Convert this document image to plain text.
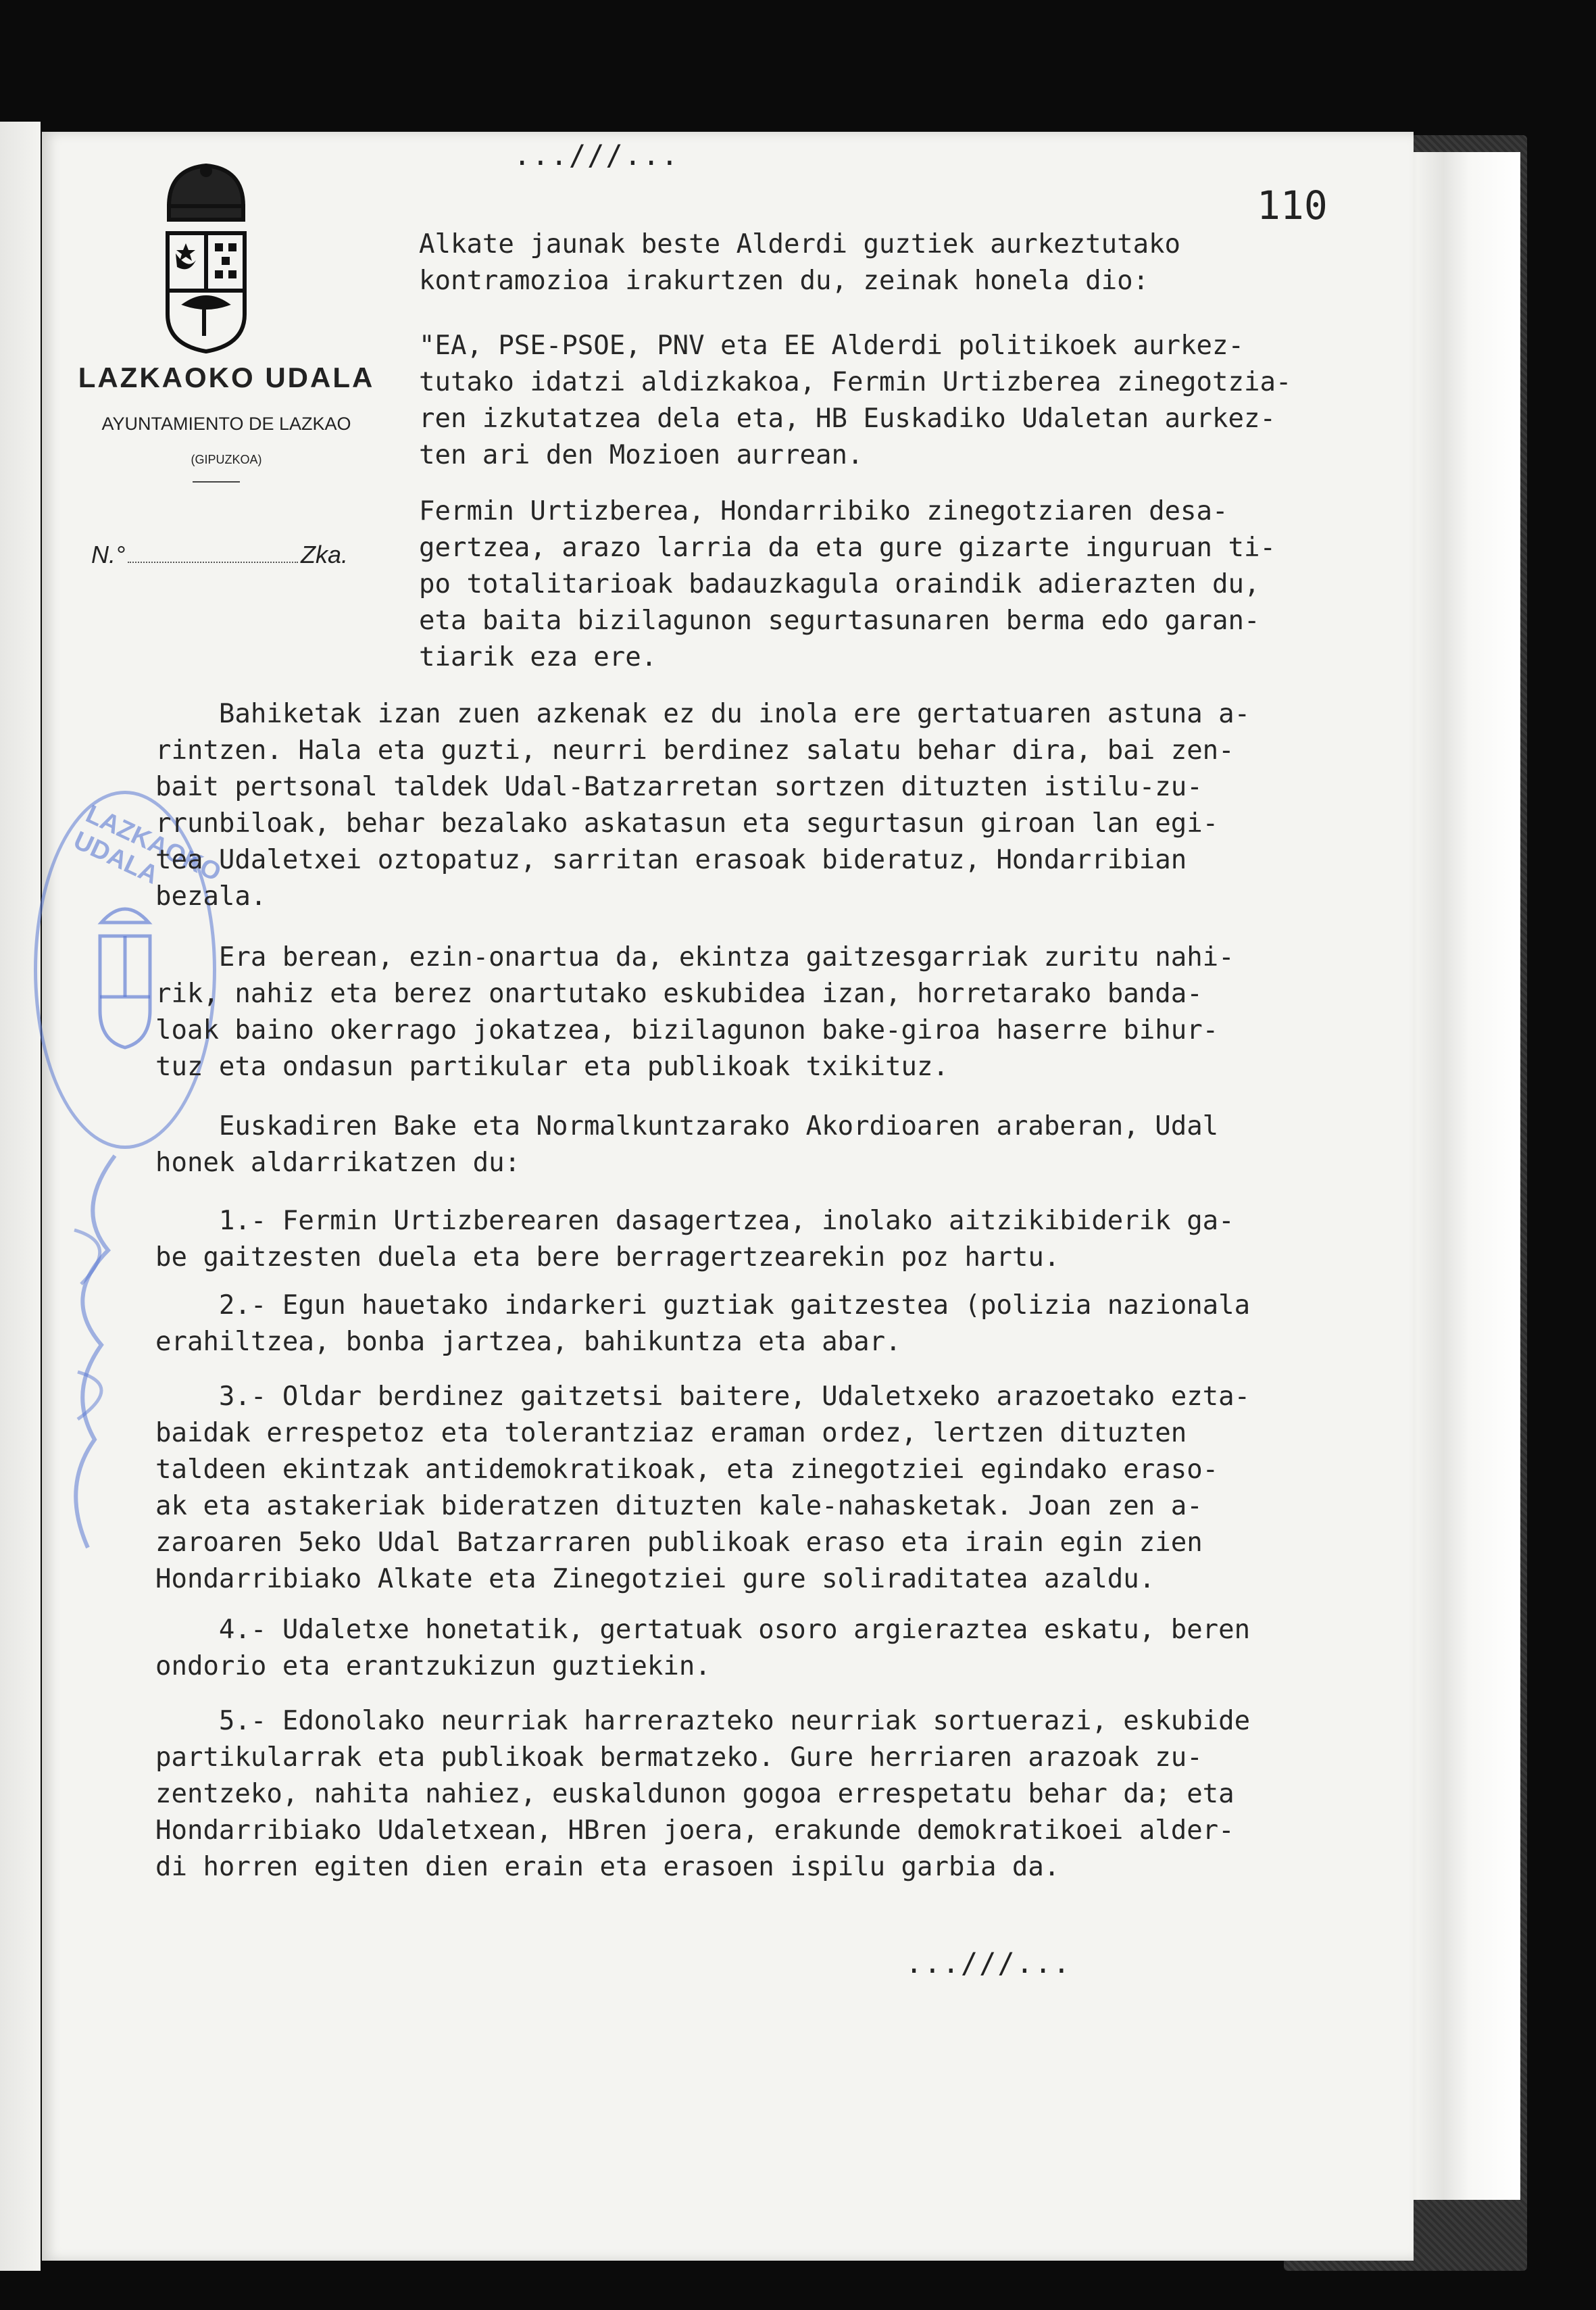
LAZKAOKO UDALA
AYUNTAMIENTO DE LAZKAO
(GIPUZKOA)
N.°	Zka.
LAZKAOKO UDALA
110
...///...
Alkate jaunak beste Alderdi guztiek aurkeztutako
kontramozioa irakurtzen du, zeinak honela dio:
"EA, PSE-PSOE, PNV eta EE Alderdi politikoek aurkez-
tutako idatzi aldizkakoa, Fermin Urtizberea zinegotzia-
ren izkutatzea dela eta, HB Euskadiko Udaletan aurkez-
ten ari den Mozioen aurrean.
Fermin Urtizberea, Hondarribiko zinegotziaren desa-
gertzea, arazo larria da eta gure gizarte inguruan ti-
po totalitarioak badauzkagula oraindik adierazten du,
eta baita bizilagunon segurtasunaren berma edo garan-
tiarik eza ere.
Bahiketak izan zuen azkenak ez du inola ere gertatuaren astuna a-
rintzen. Hala eta guzti, neurri berdinez salatu behar dira, bai zen-
bait pertsonal taldek Udal-Batzarretan sortzen dituzten istilu-zu-
rrunbiloak, behar bezalako askatasun eta segurtasun giroan lan egi-
tea Udaletxei oztopatuz, sarritan erasoak bideratuz, Hondarribian
bezala.
Era berean, ezin-onartua da, ekintza gaitzesgarriak zuritu nahi-
rik, nahiz eta berez onartutako eskubidea izan, horretarako banda-
loak baino okerrago jokatzea, bizilagunon bake-giroa haserre bihur-
tuz eta ondasun partikular eta publikoak txikituz.
Euskadiren Bake eta Normalkuntzarako Akordioaren araberan, Udal
honek aldarrikatzen du:
1.- Fermin Urtizberearen dasagertzea, inolako aitzikibiderik ga-
be gaitzesten duela eta bere berragertzearekin poz hartu.
2.- Egun hauetako indarkeri guztiak gaitzestea (polizia nazionala
erahiltzea, bonba jartzea, bahikuntza eta abar.
3.- Oldar berdinez gaitzetsi baitere, Udaletxeko arazoetako ezta-
baidak errespetoz eta tolerantziaz eraman ordez, lertzen dituzten
taldeen ekintzak antidemokratikoak, eta zinegotziei egindako eraso-
ak eta astakeriak bideratzen dituzten kale-nahasketak. Joan zen a-
zaroaren 5eko Udal Batzarraren publikoak eraso eta irain egin zien
Hondarribiako Alkate eta Zinegotziei gure soliraditatea azaldu.
4.- Udaletxe honetatik, gertatuak osoro argieraztea eskatu, beren
ondorio eta erantzukizun guztiekin.
5.- Edonolako neurriak harrerazteko neurriak sortuerazi, eskubide
partikularrak eta publikoak bermatzeko. Gure herriaren arazoak zu-
zentzeko, nahita nahiez, euskaldunon gogoa errespetatu behar da; eta
Hondarribiako Udaletxean, HBren joera, erakunde demokratikoei alder-
di horren egiten dien erain eta erasoen ispilu garbia da.
...///...
